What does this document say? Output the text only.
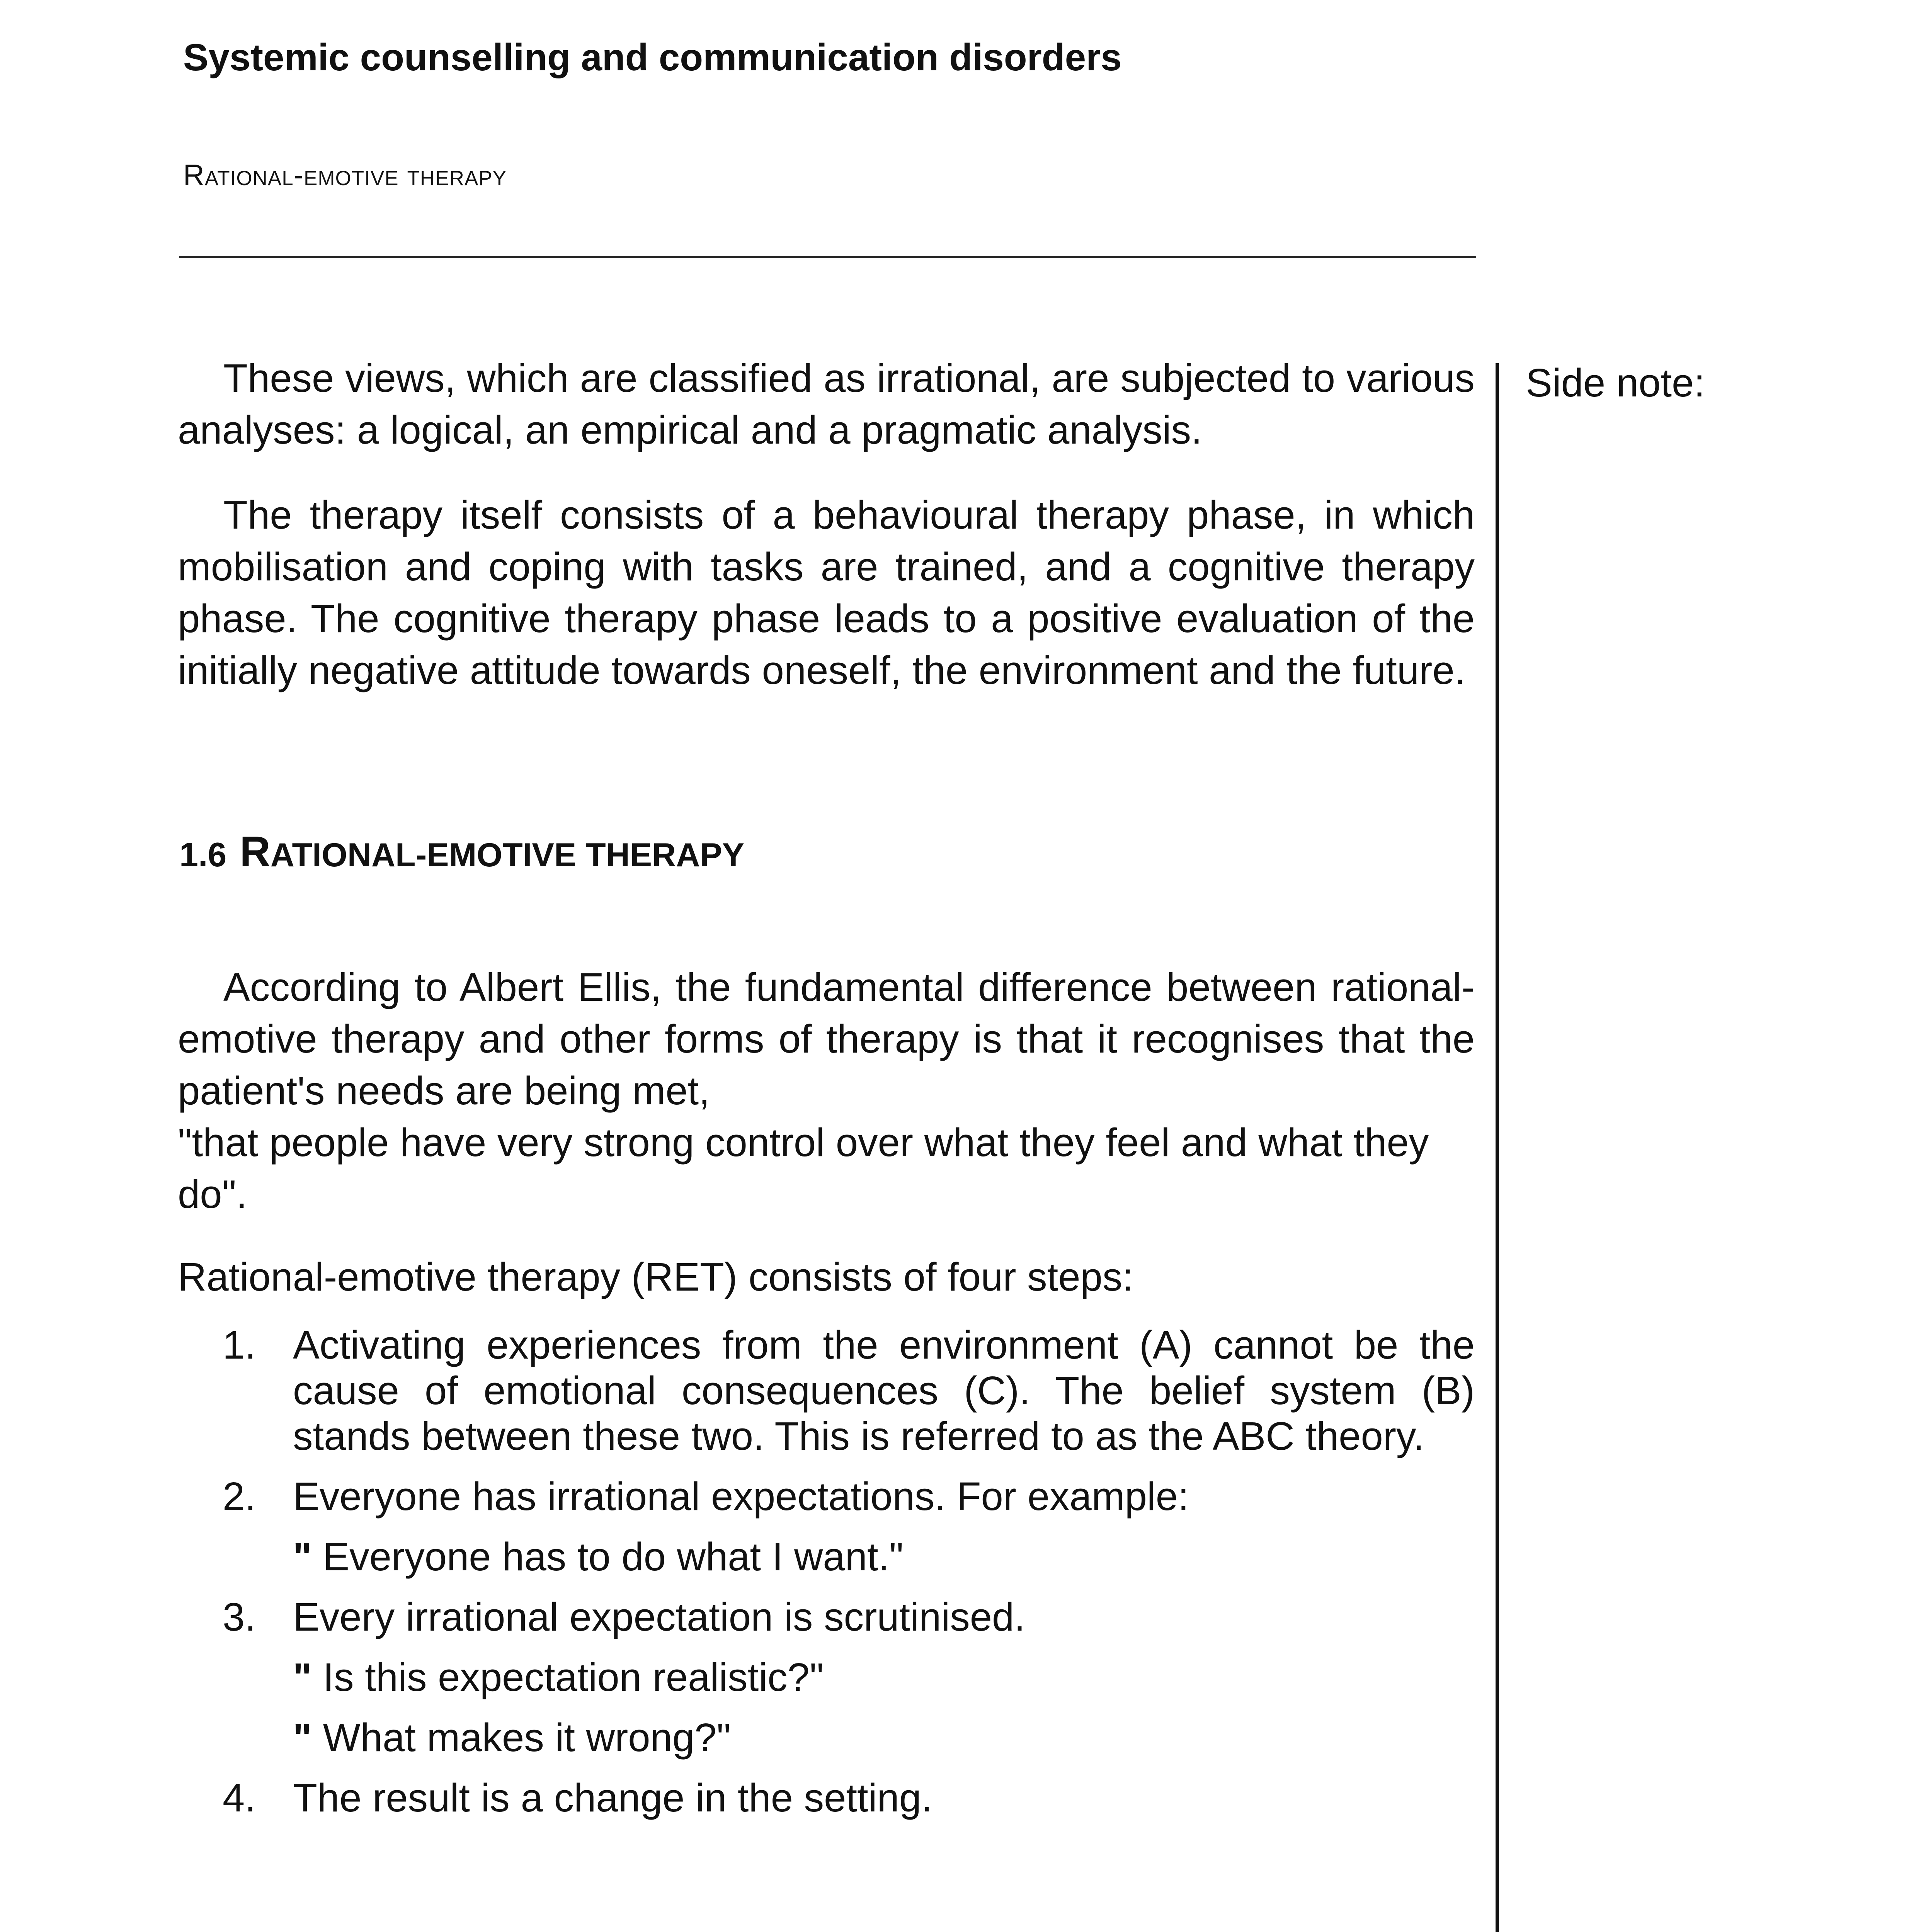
Systemic counselling and communication disorders
Rational-emotive therapy
Side note:

These views, which are classified as irrational, are subjected to various analyses: a logical, an empirical and a pragmatic analysis.

The therapy itself consists of a behavioural therapy phase, in which mobilisation and coping with tasks are trained, and a cognitive therapy phase. The cognitive therapy phase leads to a positive evaluation of the initially negative attitude towards oneself, the environment and the future.

1.6 RATIONAL-EMOTIVE THERAPY

According to Albert Ellis, the fundamental difference between rational-emotive therapy and other forms of therapy is that it recognises that the patient's needs are being met,

"that people have very strong control over what they feel and what they

do".

Rational-emotive therapy (RET) consists of four steps:

1. Activating experiences from the environment (A) cannot be the cause of emotional consequences (C). The belief system (B) stands between these two. This is referred to as the ABC theory.
2. Everyone has irrational expectations. For example:
" Everyone has to do what I want."
3. Every irrational expectation is scrutinised.
" Is this expectation realistic?"
" What makes it wrong?"
4. The result is a change in the setting.
